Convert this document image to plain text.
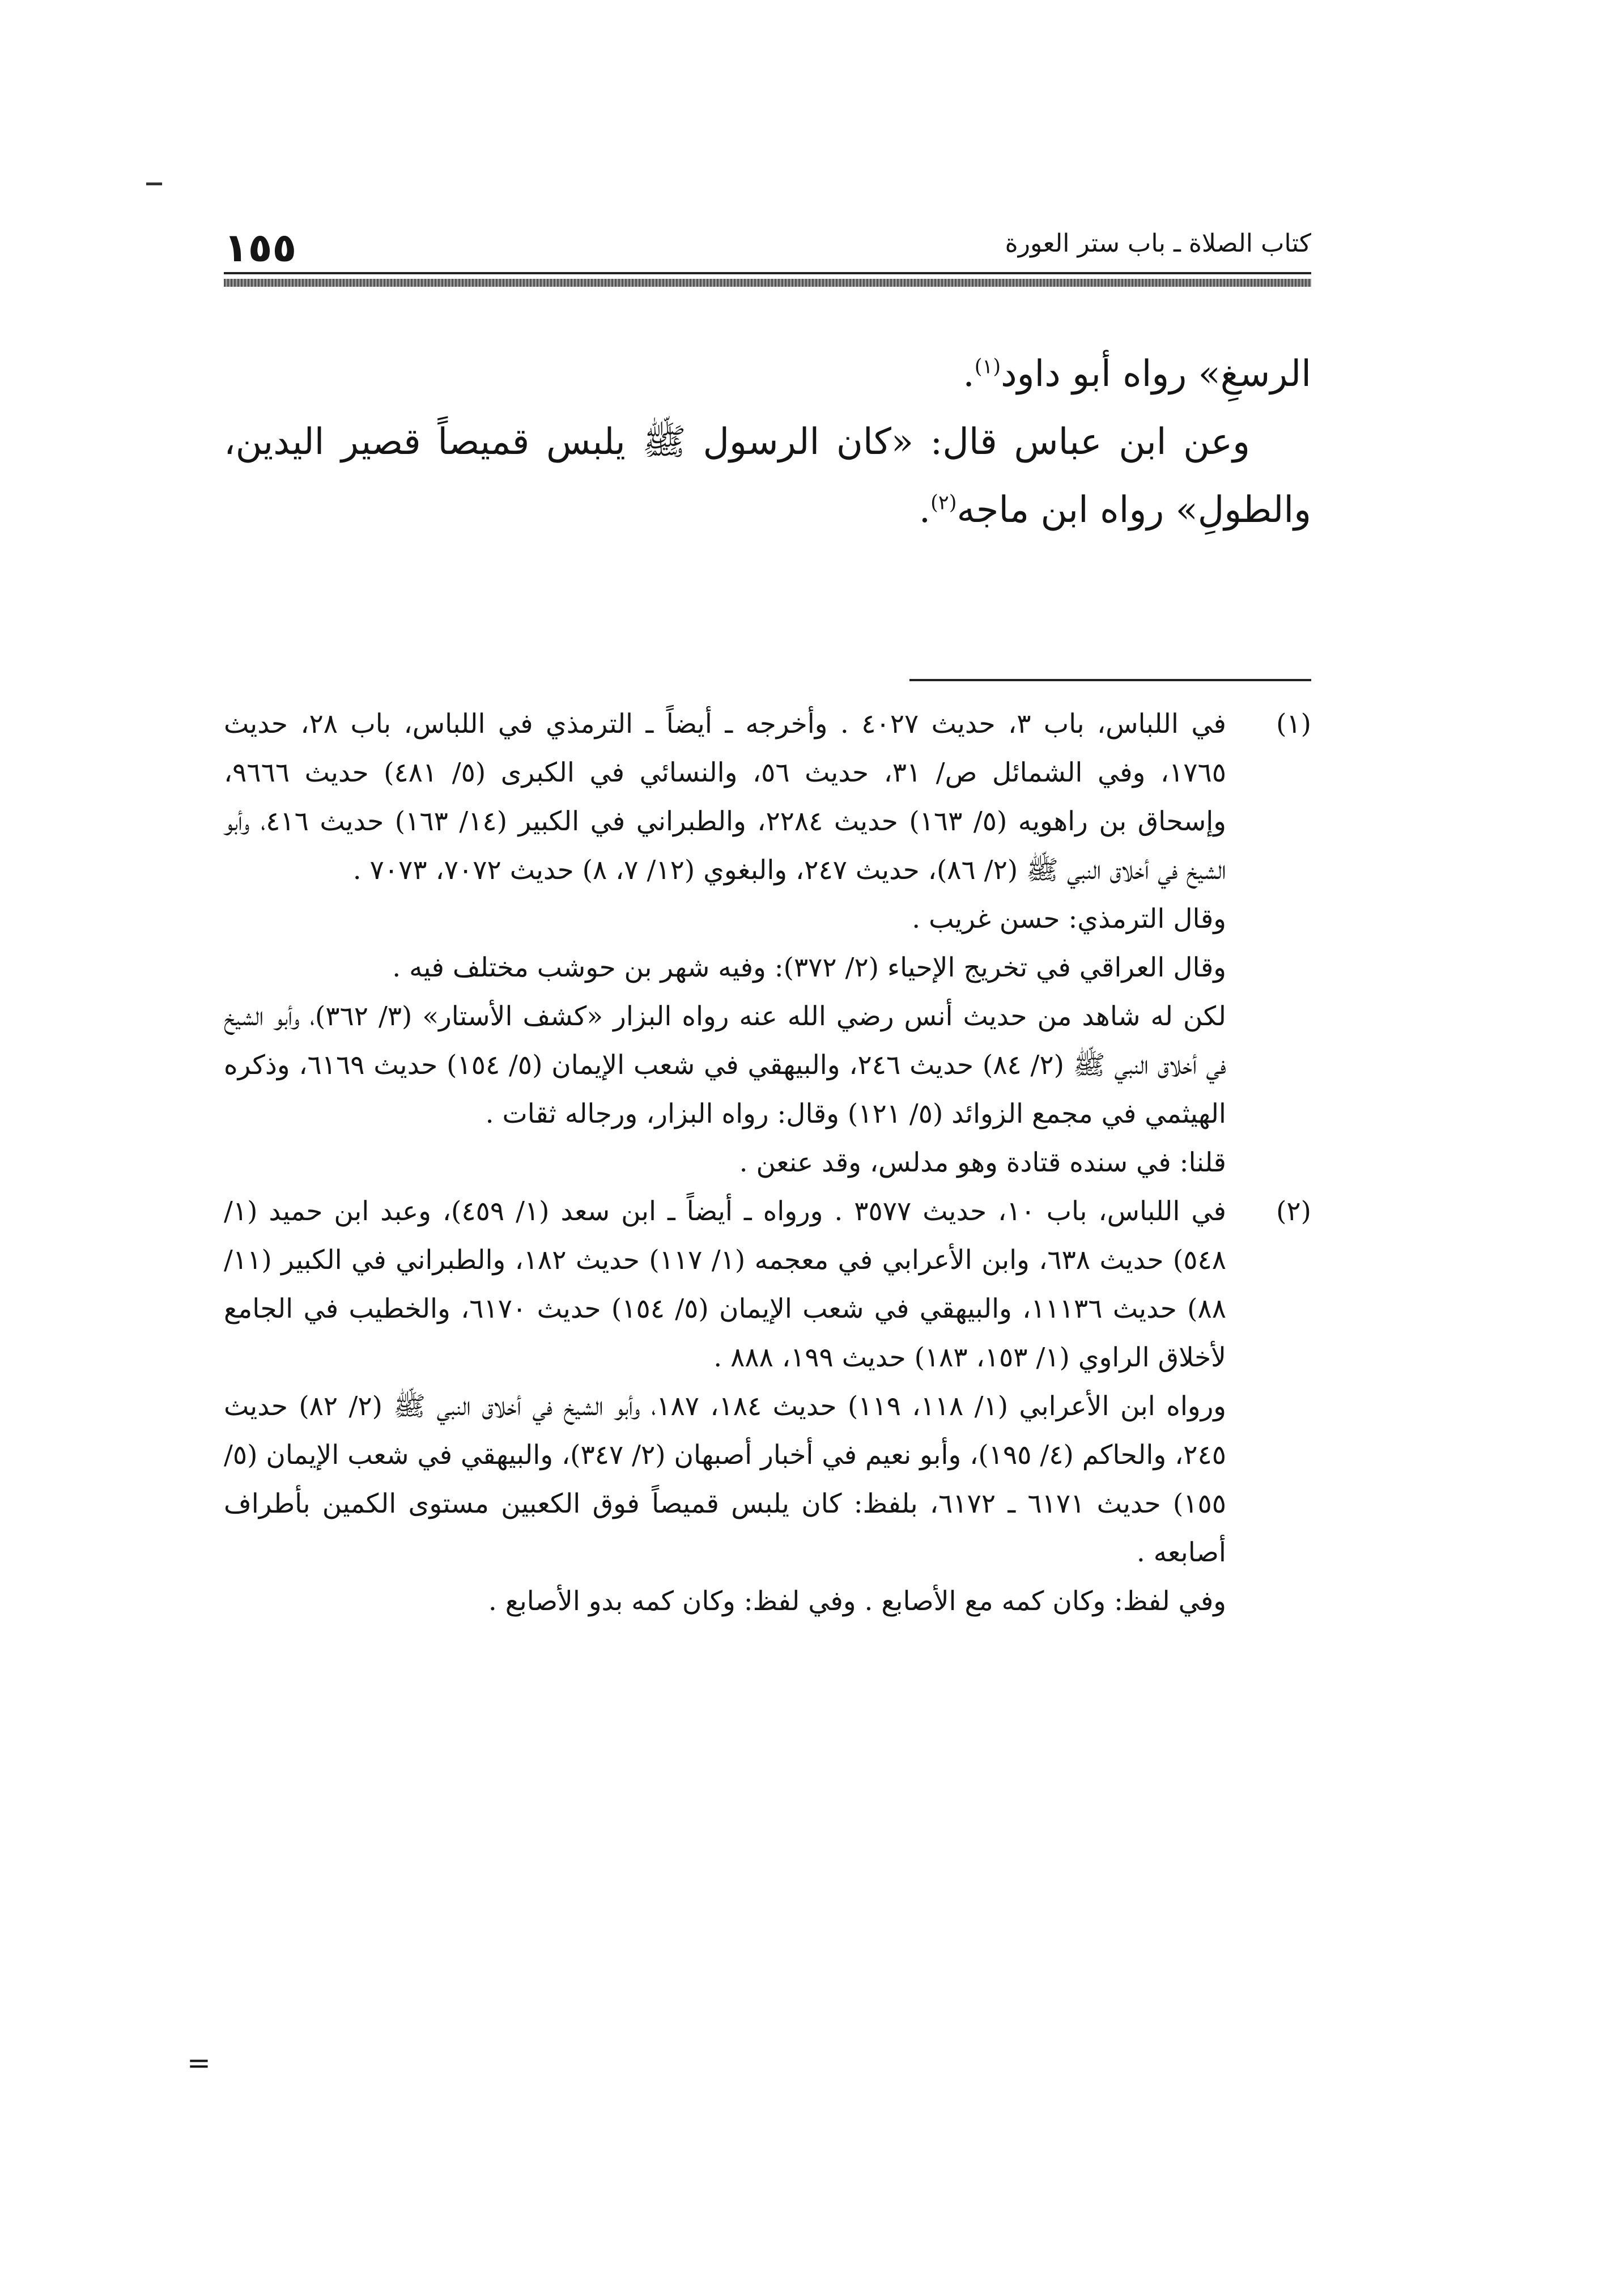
كتاب الصلاة ـ باب ستر العورة
١٥٥

الرسغِ» رواه أبو داود$^{(١)}$.

وعن ابن عباس قال: «كان الرسول ﷺ يلبس قميصاً قصير اليدين، والطولِ» رواه ابن ماجه$^{(٢)}$.

(١)

في اللباس، باب ٣، حديث ٤٠٢٧ . وأخرجه ـ أيضاً ـ الترمذي في اللباس، باب ٢٨، حديث ١٧٦٥، وفي الشمائل ص/ ٣١، حديث ٥٦، والنسائي في الكبرى (٥/ ٤٨١) حديث ٩٦٦٦، وإسحاق بن راهويه (٥/ ١٦٣) حديث ٢٢٨٤، والطبراني في الكبير (١٤/ ١٦٣) حديث ٤١٦، وأبو الشيخ في أخلاق النبي ﷺ (٢/ ٨٦)، حديث ٢٤٧، والبغوي (١٢/ ٧، ٨) حديث ٧٠٧٢، ٧٠٧٣ .

وقال الترمذي: حسن غريب .

وقال العراقي في تخريج الإحياء (٢/ ٣٧٢): وفيه شهر بن حوشب مختلف فيه .

لكن له شاهد من حديث أنس رضي الله عنه رواه البزار «كشف الأستار» (٣/ ٣٦٢)، وأبو الشيخ في أخلاق النبي ﷺ (٢/ ٨٤) حديث ٢٤٦، والبيهقي في شعب الإيمان (٥/ ١٥٤) حديث ٦١٦٩، وذكره الهيثمي في مجمع الزوائد (٥/ ١٢١) وقال: رواه البزار، ورجاله ثقات .

قلنا: في سنده قتادة وهو مدلس، وقد عنعن .

(٢)

في اللباس، باب ١٠، حديث ٣٥٧٧ . ورواه ـ أيضاً ـ ابن سعد (١/ ٤٥٩)، وعبد ابن حميد (١/ ٥٤٨) حديث ٦٣٨، وابن الأعرابي في معجمه (١/ ١١٧) حديث ١٨٢، والطبراني في الكبير (١١/ ٨٨) حديث ١١١٣٦، والبيهقي في شعب الإيمان (٥/ ١٥٤) حديث ٦١٧٠، والخطيب في الجامع لأخلاق الراوي (١/ ١٥٣، ١٨٣) حديث ١٩٩، ٨٨٨ .

ورواه ابن الأعرابي (١/ ١١٨، ١١٩) حديث ١٨٤، ١٨٧، وأبو الشيخ في أخلاق النبي ﷺ (٢/ ٨٢) حديث ٢٤٥، والحاكم (٤/ ١٩٥)، وأبو نعيم في أخبار أصبهان (٢/ ٣٤٧)، والبيهقي في شعب الإيمان (٥/ ١٥٥) حديث ٦١٧١ ـ ٦١٧٢، بلفظ: كان يلبس قميصاً فوق الكعبين مستوى الكمين بأطراف أصابعه .

وفي لفظ: وكان كمه مع الأصابع . وفي لفظ: وكان كمه بدو الأصابع .

=
